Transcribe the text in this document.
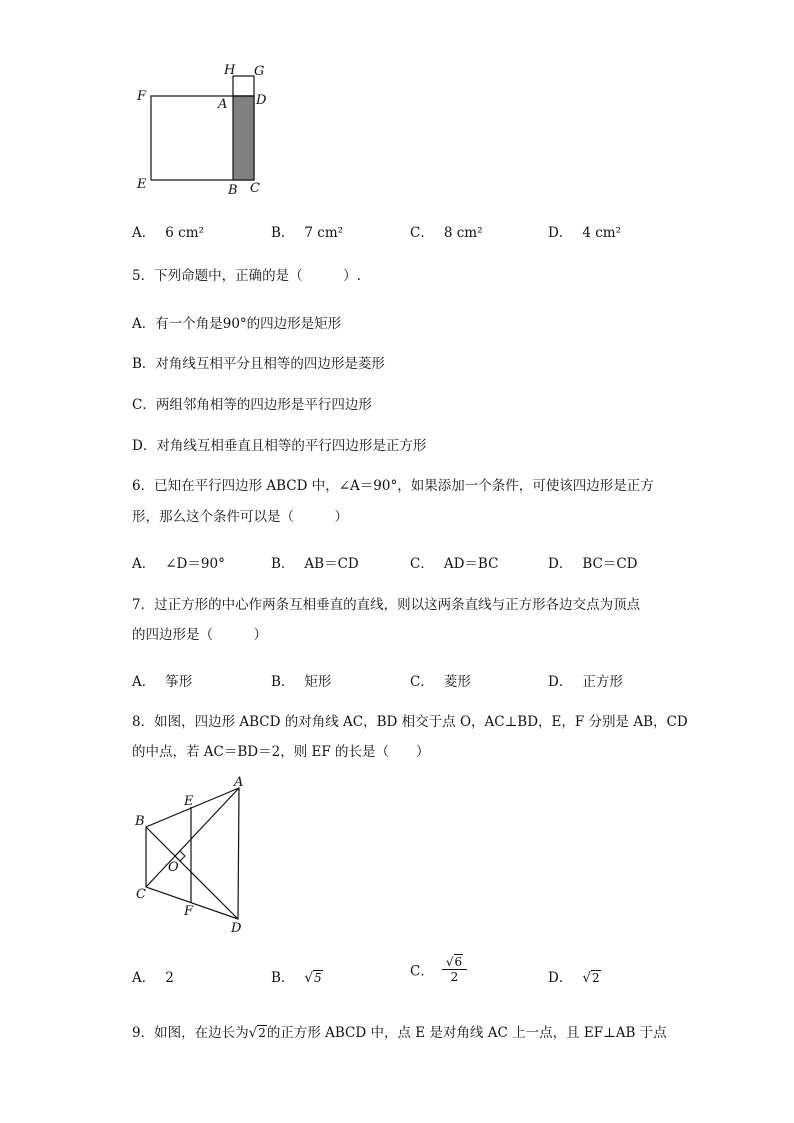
H G
F
A D
E	B C
A． 6 cm²	B． 7 cm²	C． 8 cm²	D． 4 cm²
5．下列命题中，正确的是（　　　）.
A．有一个角是90°的四边形是矩形
B．对角线互相平分且相等的四边形是菱形
C．两组邻角相等的四边形是平行四边形
D．对角线互相垂直且相等的平行四边形是正方形
6．已知在平行四边形 ABCD 中，∠A＝90°，如果添加一个条件，可使该四边形是正方
形，那么这个条件可以是（　　　）
A． ∠D＝90°	B． AB＝CD	C． AD＝BC	D． BC＝CD
7．过正方形的中心作两条互相垂直的直线，则以这两条直线与正方形各边交点为顶点
的四边形是（　　　）
A． 筝形	B． 矩形	C． 菱形	D． 正方形
8．如图，四边形 ABCD 的对角线 AC，BD 相交于点 O，AC⊥BD，E，F 分别是 AB，CD
的中点，若 AC＝BD＝2，则 EF 的长是（　　）
A
E
B
O
C
F
D
A． 2	B． √5	C． $\frac{√6}{2}$	D． √2
9．如图，在边长为√2的正方形 ABCD 中，点 E 是对角线 AC 上一点，且 EF⊥AB 于点
